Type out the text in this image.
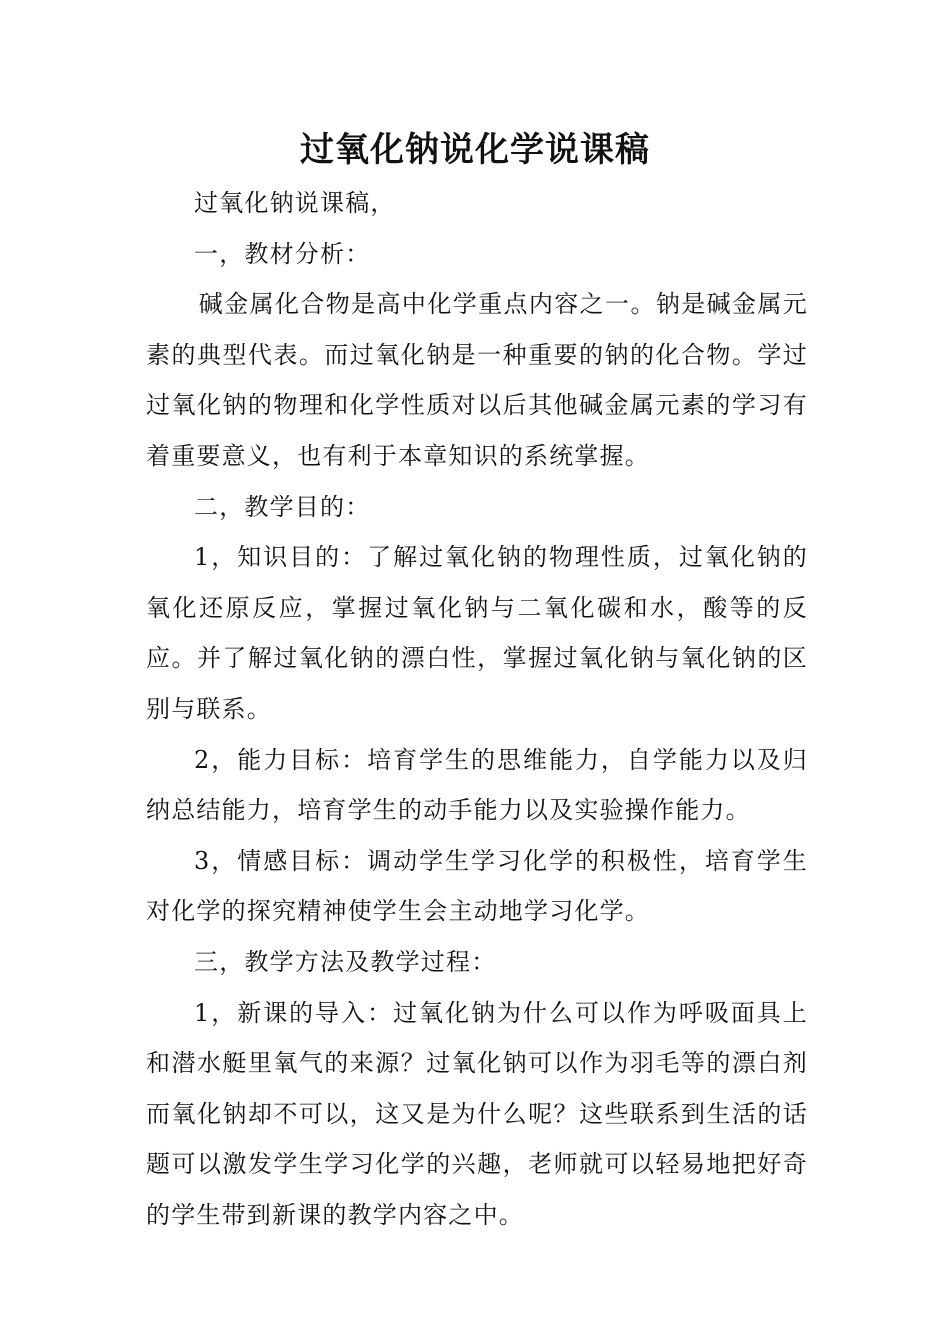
过氧化钠说化学说课稿

过氧化钠说课稿，

一，教材分析：

碱金属化合物是高中化学重点内容之一。钠是碱金属元素的典型代表。而过氧化钠是一种重要的钠的化合物。学过过氧化钠的物理和化学性质对以后其他碱金属元素的学习有着重要意义，也有利于本章知识的系统掌握。

二，教学目的：

1，知识目的：了解过氧化钠的物理性质，过氧化钠的氧化还原反应，掌握过氧化钠与二氧化碳和水，酸等的反应。并了解过氧化钠的漂白性，掌握过氧化钠与氧化钠的区别与联系。

2，能力目标：培育学生的思维能力，自学能力以及归纳总结能力，培育学生的动手能力以及实验操作能力。

3，情感目标：调动学生学习化学的积极性，培育学生对化学的探究精神使学生会主动地学习化学。

三，教学方法及教学过程：

1，新课的导入：过氧化钠为什么可以作为呼吸面具上和潜水艇里氧气的来源？过氧化钠可以作为羽毛等的漂白剂而氧化钠却不可以，这又是为什么呢？这些联系到生活的话题可以激发学生学习化学的兴趣，老师就可以轻易地把好奇的学生带到新课的教学内容之中。
